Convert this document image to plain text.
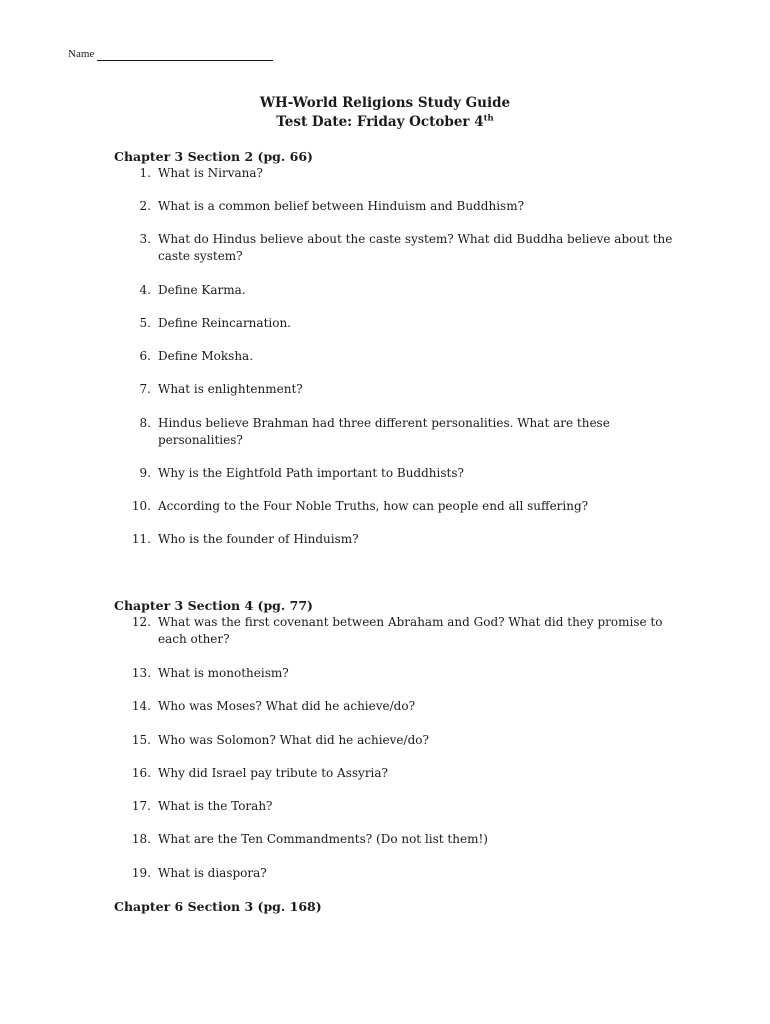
Name
WH-World Religions Study Guide
Test Date: Friday October 4th
Chapter 3 Section 2 (pg. 66)
1. What is Nirvana?
2. What is a common belief between Hinduism and Buddhism?
3. What do Hindus believe about the caste system? What did Buddha believe about the caste system?
4. Define Karma.
5. Define Reincarnation.
6. Define Moksha.
7. What is enlightenment?
8. Hindus believe Brahman had three different personalities. What are these personalities?
9. Why is the Eightfold Path important to Buddhists?
10. According to the Four Noble Truths, how can people end all suffering?
11. Who is the founder of Hinduism?
Chapter 3 Section 4 (pg. 77)
12. What was the first covenant between Abraham and God? What did they promise to each other?
13. What is monotheism?
14. Who was Moses? What did he achieve/do?
15. Who was Solomon? What did he achieve/do?
16. Why did Israel pay tribute to Assyria?
17. What is the Torah?
18. What are the Ten Commandments? (Do not list them!)
19. What is diaspora?
Chapter 6 Section 3 (pg. 168)
